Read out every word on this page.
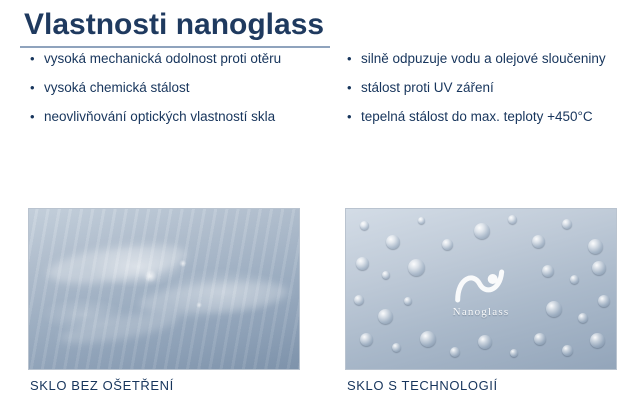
Vlastnosti nanoglass
• vysoká mechanická odolnost proti otěru
• vysoká chemická stálost
• neovlivňování optických vlastností skla
• silně odpuzuje vodu a olejové sloučeniny
• stálost proti UV záření
• tepelná stálost do max. teploty +450°C
Nanoglass
SKLO BEZ OŠETŘENÍ	SKLO S TECHNOLOGIÍ
